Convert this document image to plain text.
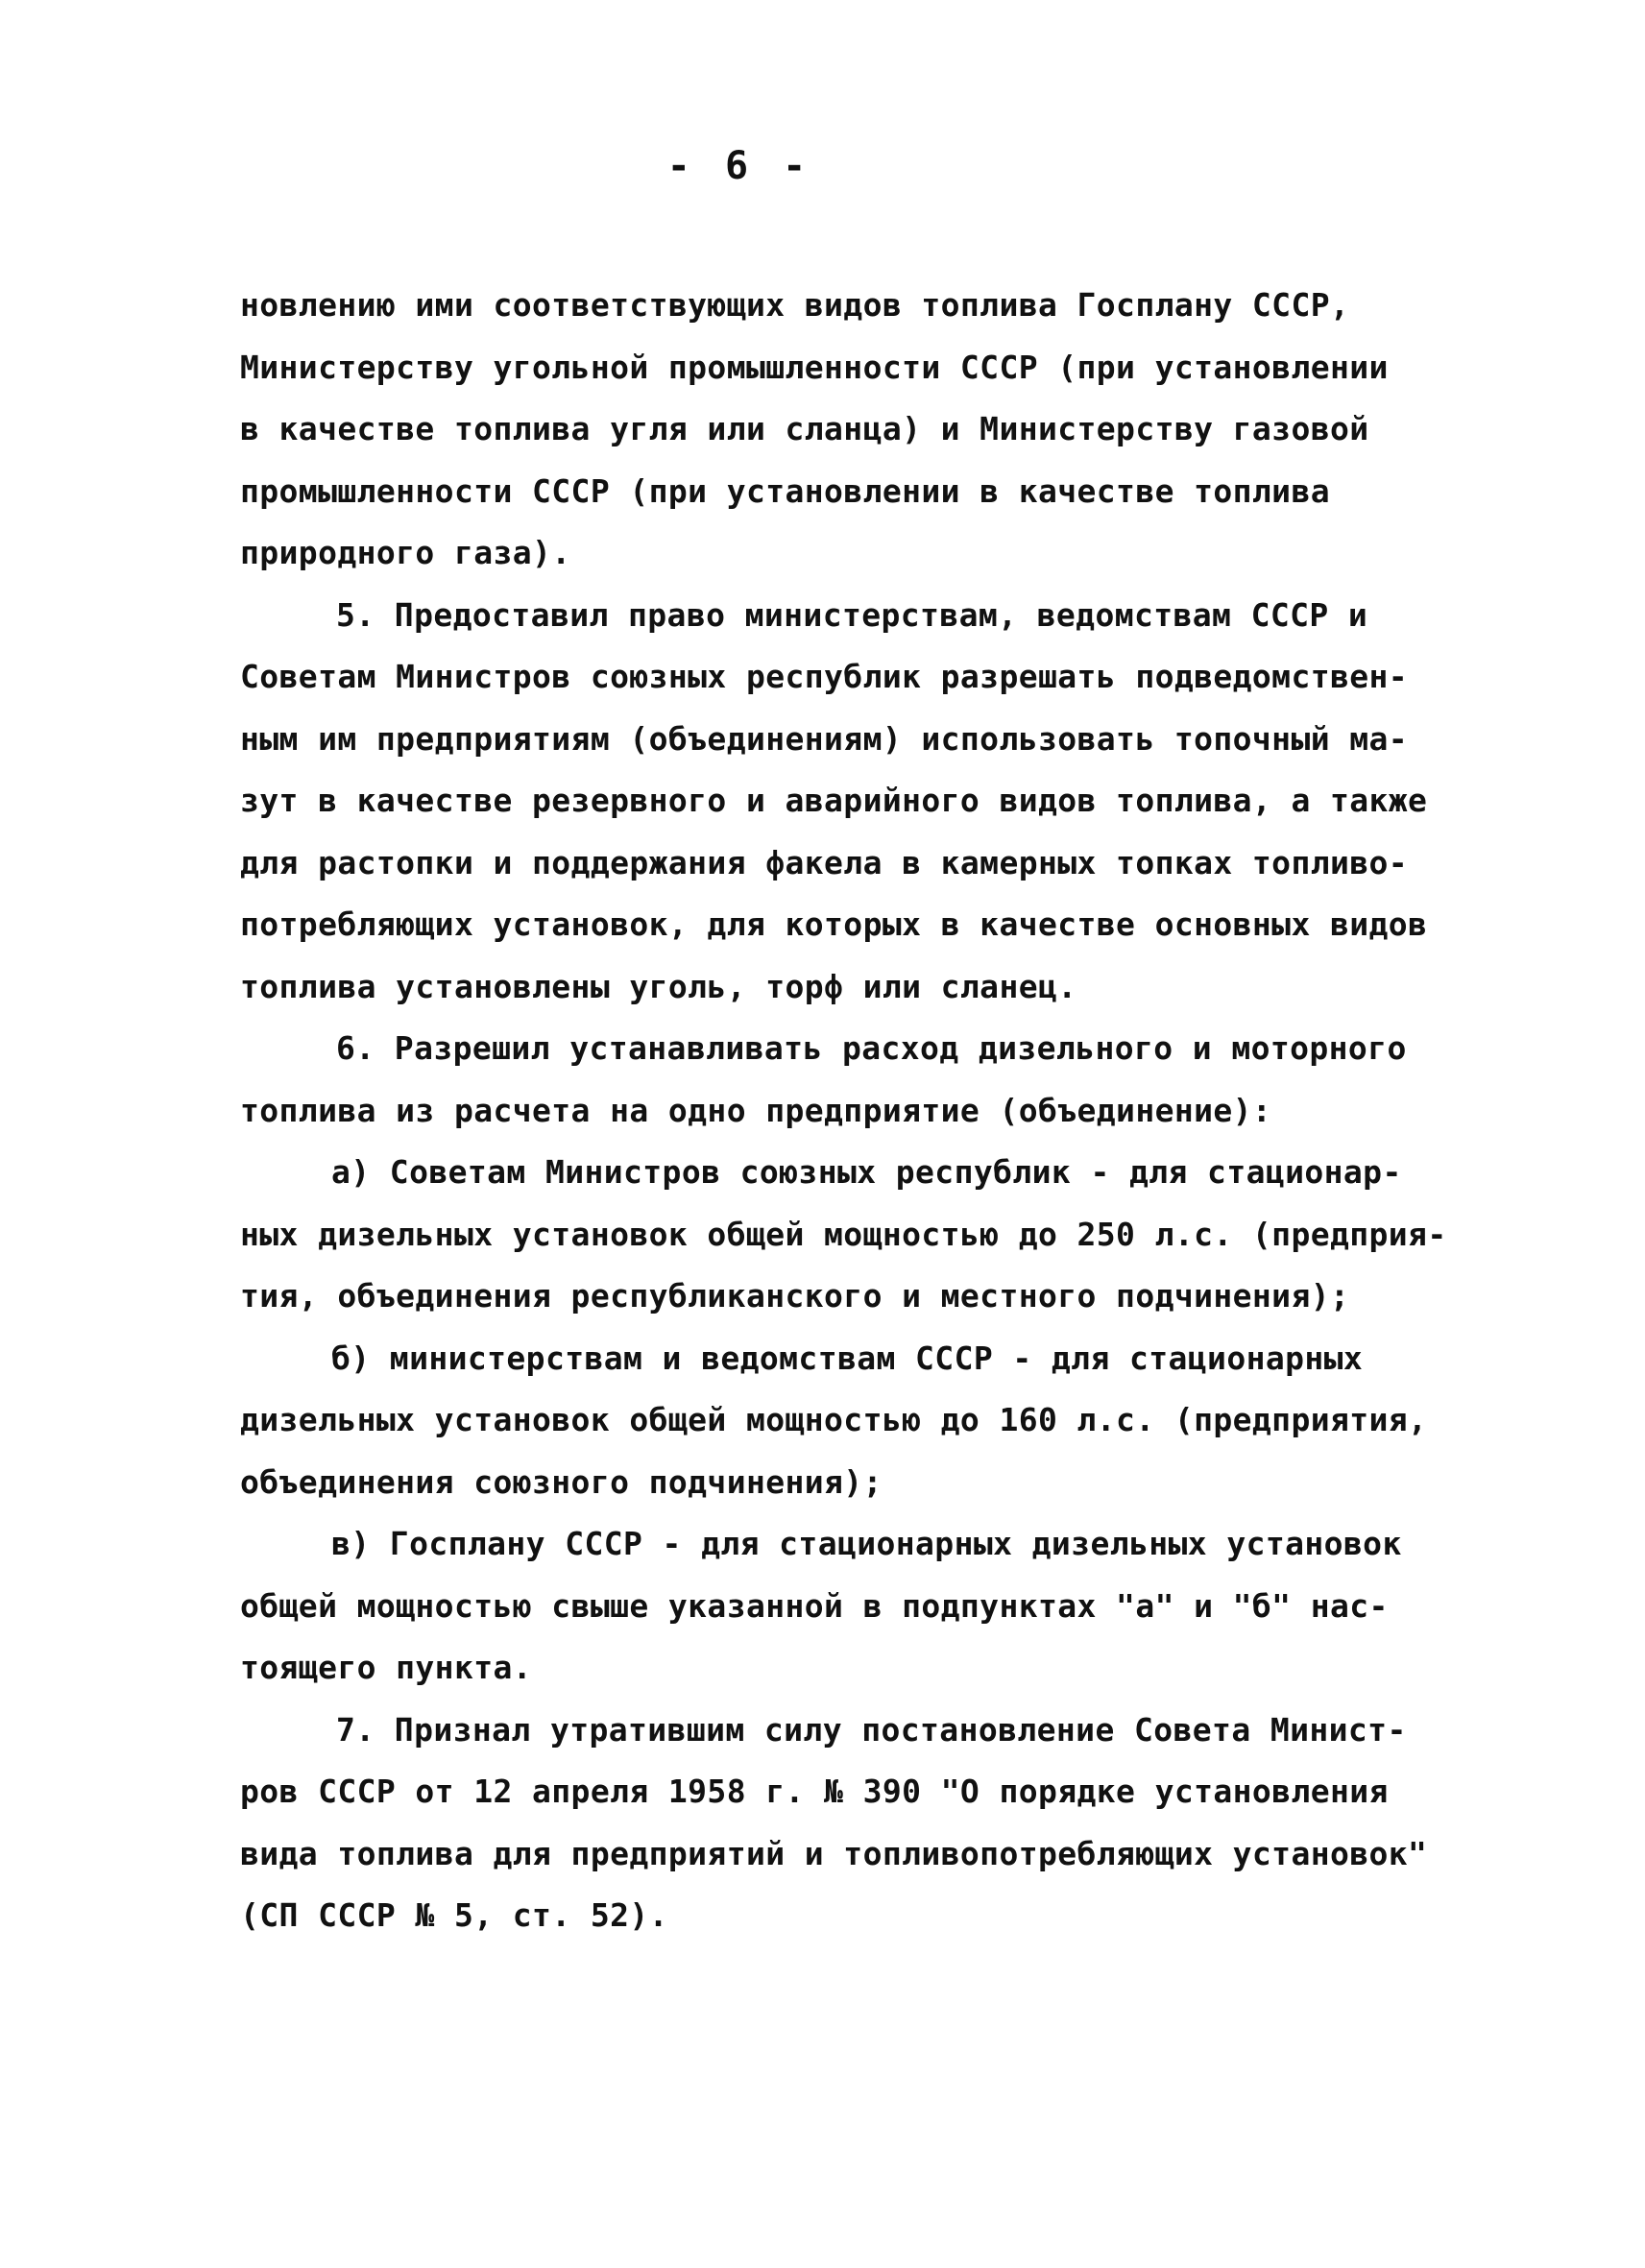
- 6 -
новлению ими соответствующих видов топлива Госплану СССР,
Министерству угольной промышленности СССР (при установлении
в качестве топлива угля или сланца) и Министерству газовой
промышленности СССР (при установлении в качестве топлива
природного газа).
5. Предоставил право министерствам, ведомствам СССР и
Советам Министров союзных республик разрешать подведомствен-
ным им предприятиям (объединениям) использовать топочный ма-
зут в качестве резервного и аварийного видов топлива, а также
для растопки и поддержания факела в камерных топках топливо-
потребляющих установок, для которых в качестве основных видов
топлива установлены уголь, торф или сланец.
6. Разрешил устанавливать расход дизельного и моторного
топлива из расчета на одно предприятие (объединение):
а) Советам Министров союзных республик - для стационар-
ных дизельных установок общей мощностью до 250 л.с. (предприя-
тия, объединения республиканского и местного подчинения);
б) министерствам и ведомствам СССР - для стационарных
дизельных установок общей мощностью до 160 л.с. (предприятия,
объединения союзного подчинения);
в) Госплану СССР - для стационарных дизельных установок
общей мощностью свыше указанной в подпунктах "а" и "б" нас-
тоящего пункта.
7. Признал утратившим силу постановление Совета Минист-
ров СССР от 12 апреля 1958 г. № 390 "О порядке установления
вида топлива для предприятий и топливопотребляющих установок"
(СП СССР № 5, ст. 52).
